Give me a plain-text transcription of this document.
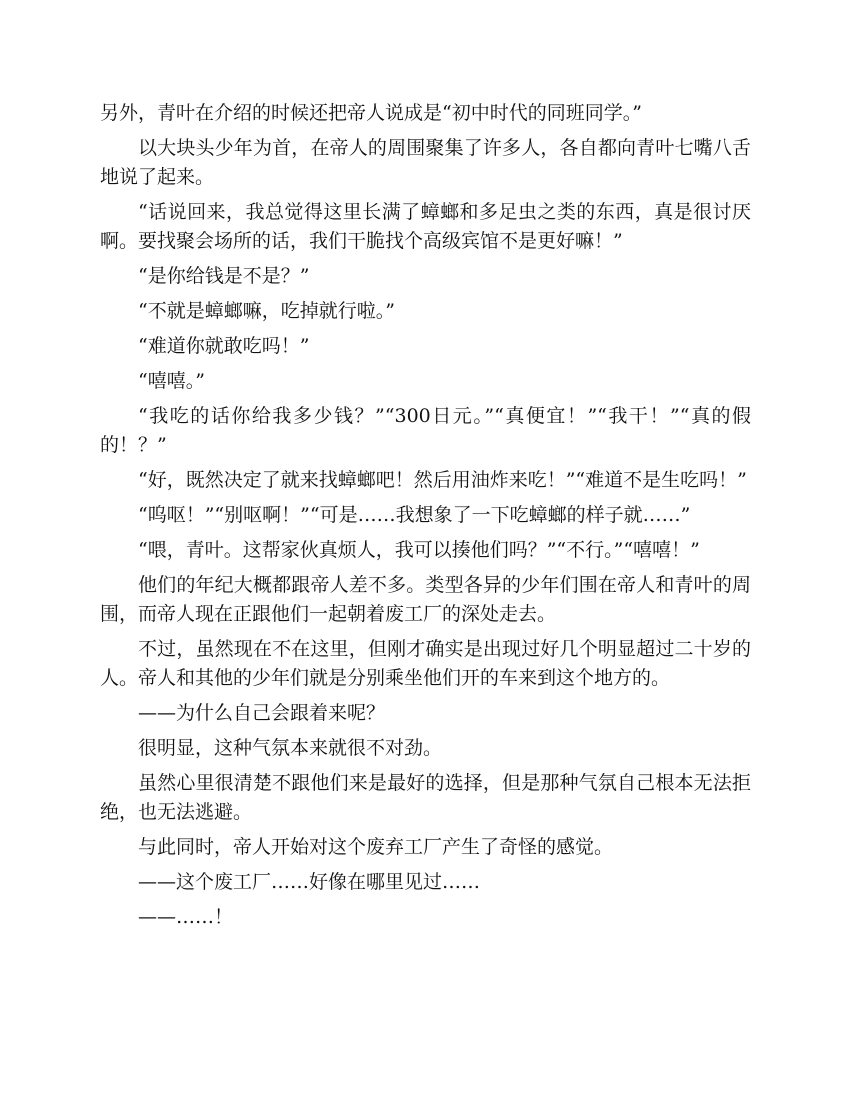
另外，青叶在介绍的时候还把帝人说成是“初中时代的同班同学。”

以大块头少年为首，在帝人的周围聚集了许多人，各自都向青叶七嘴八舌地说了起来。

“话说回来，我总觉得这里长满了蟑螂和多足虫之类的东西，真是很讨厌啊。要找聚会场所的话，我们干脆找个高级宾馆不是更好嘛！”

“是你给钱是不是？”

“不就是蟑螂嘛，吃掉就行啦。”

“难道你就敢吃吗！”

“嘻嘻。”

“我吃的话你给我多少钱？”“300日元。”“真便宜！”“我干！”“真的假的！？”

“好，既然决定了就来找蟑螂吧！然后用油炸来吃！”“难道不是生吃吗！”

“呜呕！”“别呕啊！”“可是……我想象了一下吃蟑螂的样子就……”

“喂，青叶。这帮家伙真烦人，我可以揍他们吗？”“不行。”“嘻嘻！”

他们的年纪大概都跟帝人差不多。类型各异的少年们围在帝人和青叶的周围，而帝人现在正跟他们一起朝着废工厂的深处走去。

不过，虽然现在不在这里，但刚才确实是出现过好几个明显超过二十岁的人。帝人和其他的少年们就是分别乘坐他们开的车来到这个地方的。

——为什么自己会跟着来呢？

很明显，这种气氛本来就很不对劲。

虽然心里很清楚不跟他们来是最好的选择，但是那种气氛自己根本无法拒绝，也无法逃避。

与此同时，帝人开始对这个废弃工厂产生了奇怪的感觉。

——这个废工厂……好像在哪里见过……

——……！
